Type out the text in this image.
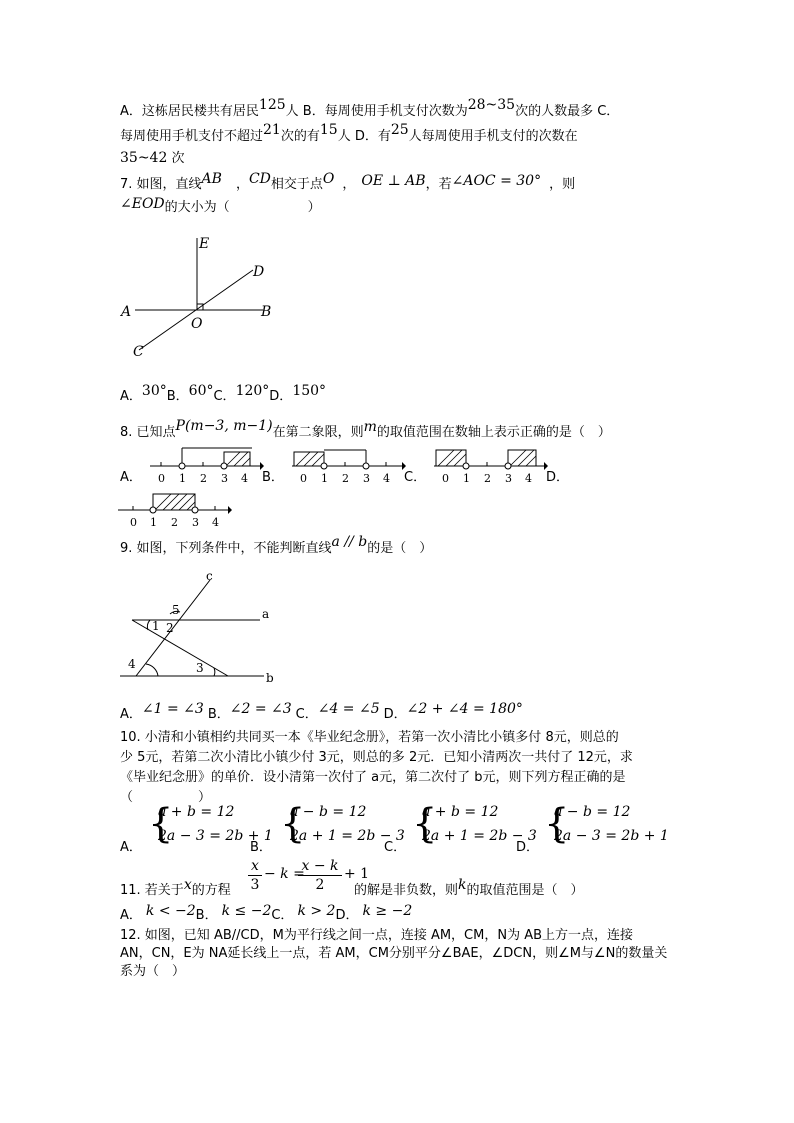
A．这栋居民楼共有居民125人 B．每周使用手机支付次数为28~35次的人数最多 C．
每周使用手机支付不超过21次的有15人 D．有25人每周使用手机支付的次数在
35~42 次
7. 如图，直线AB ，CD相交于点O ， OE ⊥ AB，若∠AOC = 30° ，则
∠EOD的大小为（　　　　　　）
E
D
A
O
B
C
A．30°B．60°C．120°D．150°
8. 已知点P(m−3, m−1)在第二象限，则m的取值范围在数轴上表示正确的是（　）
A． 0 1 2 3 4 B． 0 1 2 3 4 C． 0 1 2 3 4 D．
0 1 2 3 4
9. 如图，下列条件中，不能判断直线a // b的是（　）
c
a
b
1 2
3
4
5
A．∠1 = ∠3 B．∠2 = ∠3 C．∠4 = ∠5 D．∠2 + ∠4 = 180°
10. 小清和小镇相约共同买一本《毕业纪念册》，若第一次小清比小镇多付 8元，则总的
少 5元，若第二次小清比小镇少付 3元，则总的多 2元．已知小清两次一共付了 12元，求
《毕业纪念册》的单价．设小清第一次付了 a元，第二次付了 b元，则下列方程正确的是
（　　　　　）
A．
{
a + b = 12
2a − 3 = 2b + 1
B．
{
a − b = 12
2a + 1 = 2b − 3
C．
{
a + b = 12
2a + 1 = 2b − 3
D．
{
a − b = 12
2a − 3 = 2b + 1
11. 若关于x的方程
x
3
− k =
x − k
2
+ 1
的解是非负数，则k的取值范围是（　）
A． k < −2B． k ≤ −2C． k > 2D． k ≥ −2
12. 如图，已知 AB//CD，M为平行线之间一点，连接 AM，CM，N为 AB上方一点，连接
AN，CN，E为 NA延长线上一点，若 AM，CM分别平分∠BAE，∠DCN，则∠M与∠N的数量关
系为（　）
